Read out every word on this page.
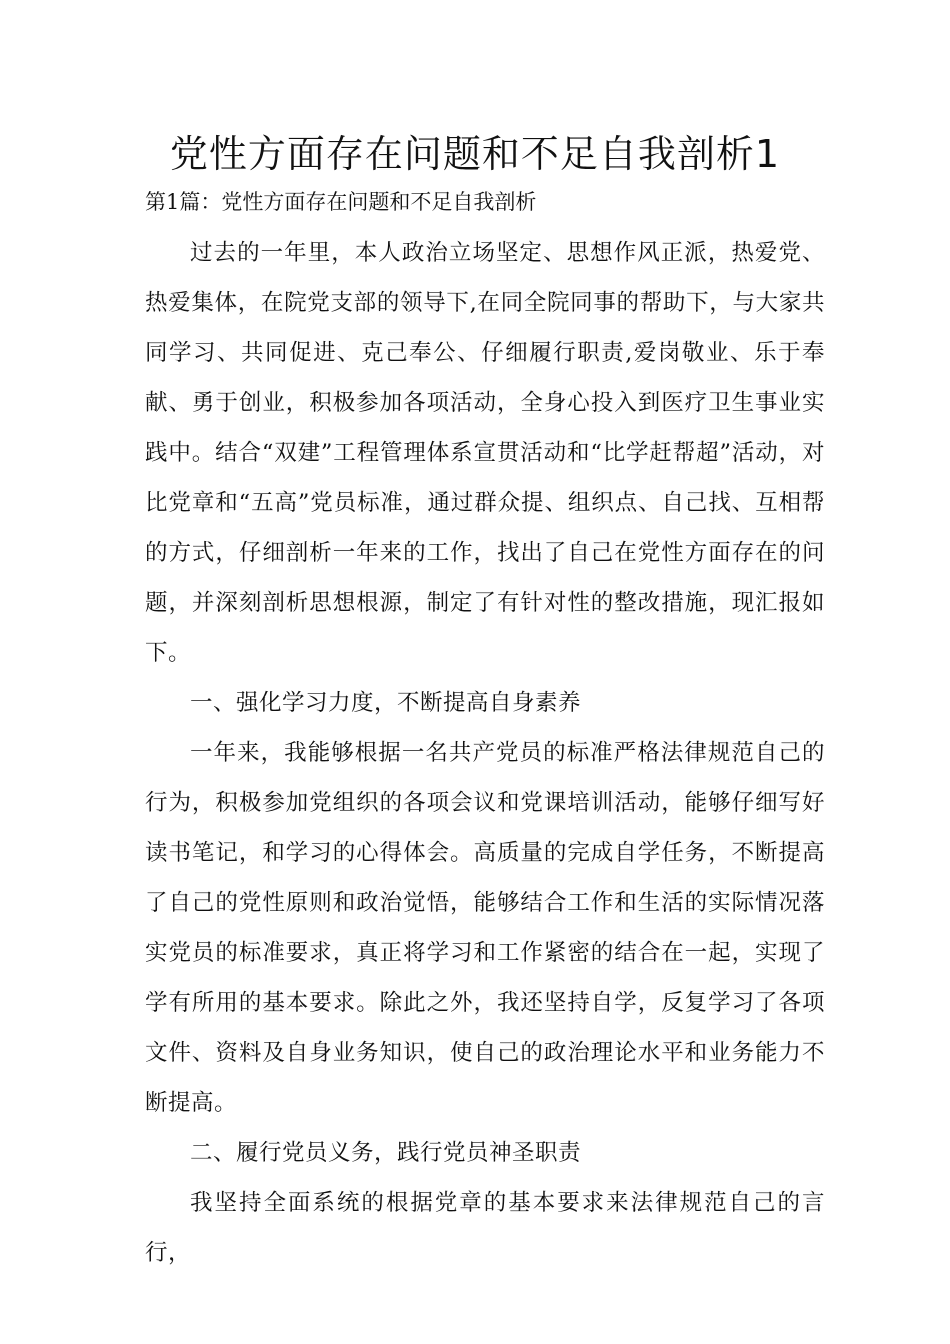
党性方面存在问题和不足自我剖析1

第1篇：党性方面存在问题和不足自我剖析

过去的一年里，本人政治立场坚定、思想作风正派，热爱党、热爱集体，在院党支部的领导下,在同全院同事的帮助下，与大家共同学习、共同促进、克己奉公、仔细履行职责,爱岗敬业、乐于奉献、勇于创业，积极参加各项活动，全身心投入到医疗卫生事业实践中。结合“双建”工程管理体系宣贯活动和“比学赶帮超”活动，对比党章和“五高”党员标准，通过群众提、组织点、自己找、互相帮的方式，仔细剖析一年来的工作，找出了自己在党性方面存在的问题，并深刻剖析思想根源，制定了有针对性的整改措施，现汇报如下。

一、强化学习力度，不断提高自身素养

一年来，我能够根据一名共产党员的标准严格法律规范自己的行为，积极参加党组织的各项会议和党课培训活动，能够仔细写好读书笔记，和学习的心得体会。高质量的完成自学任务，不断提高了自己的党性原则和政治觉悟，能够结合工作和生活的实际情况落实党员的标准要求，真正将学习和工作紧密的结合在一起，实现了学有所用的基本要求。除此之外，我还坚持自学，反复学习了各项文件、资料及自身业务知识，使自己的政治理论水平和业务能力不断提高。

二、履行党员义务，践行党员神圣职责

我坚持全面系统的根据党章的基本要求来法律规范自己的言行，
